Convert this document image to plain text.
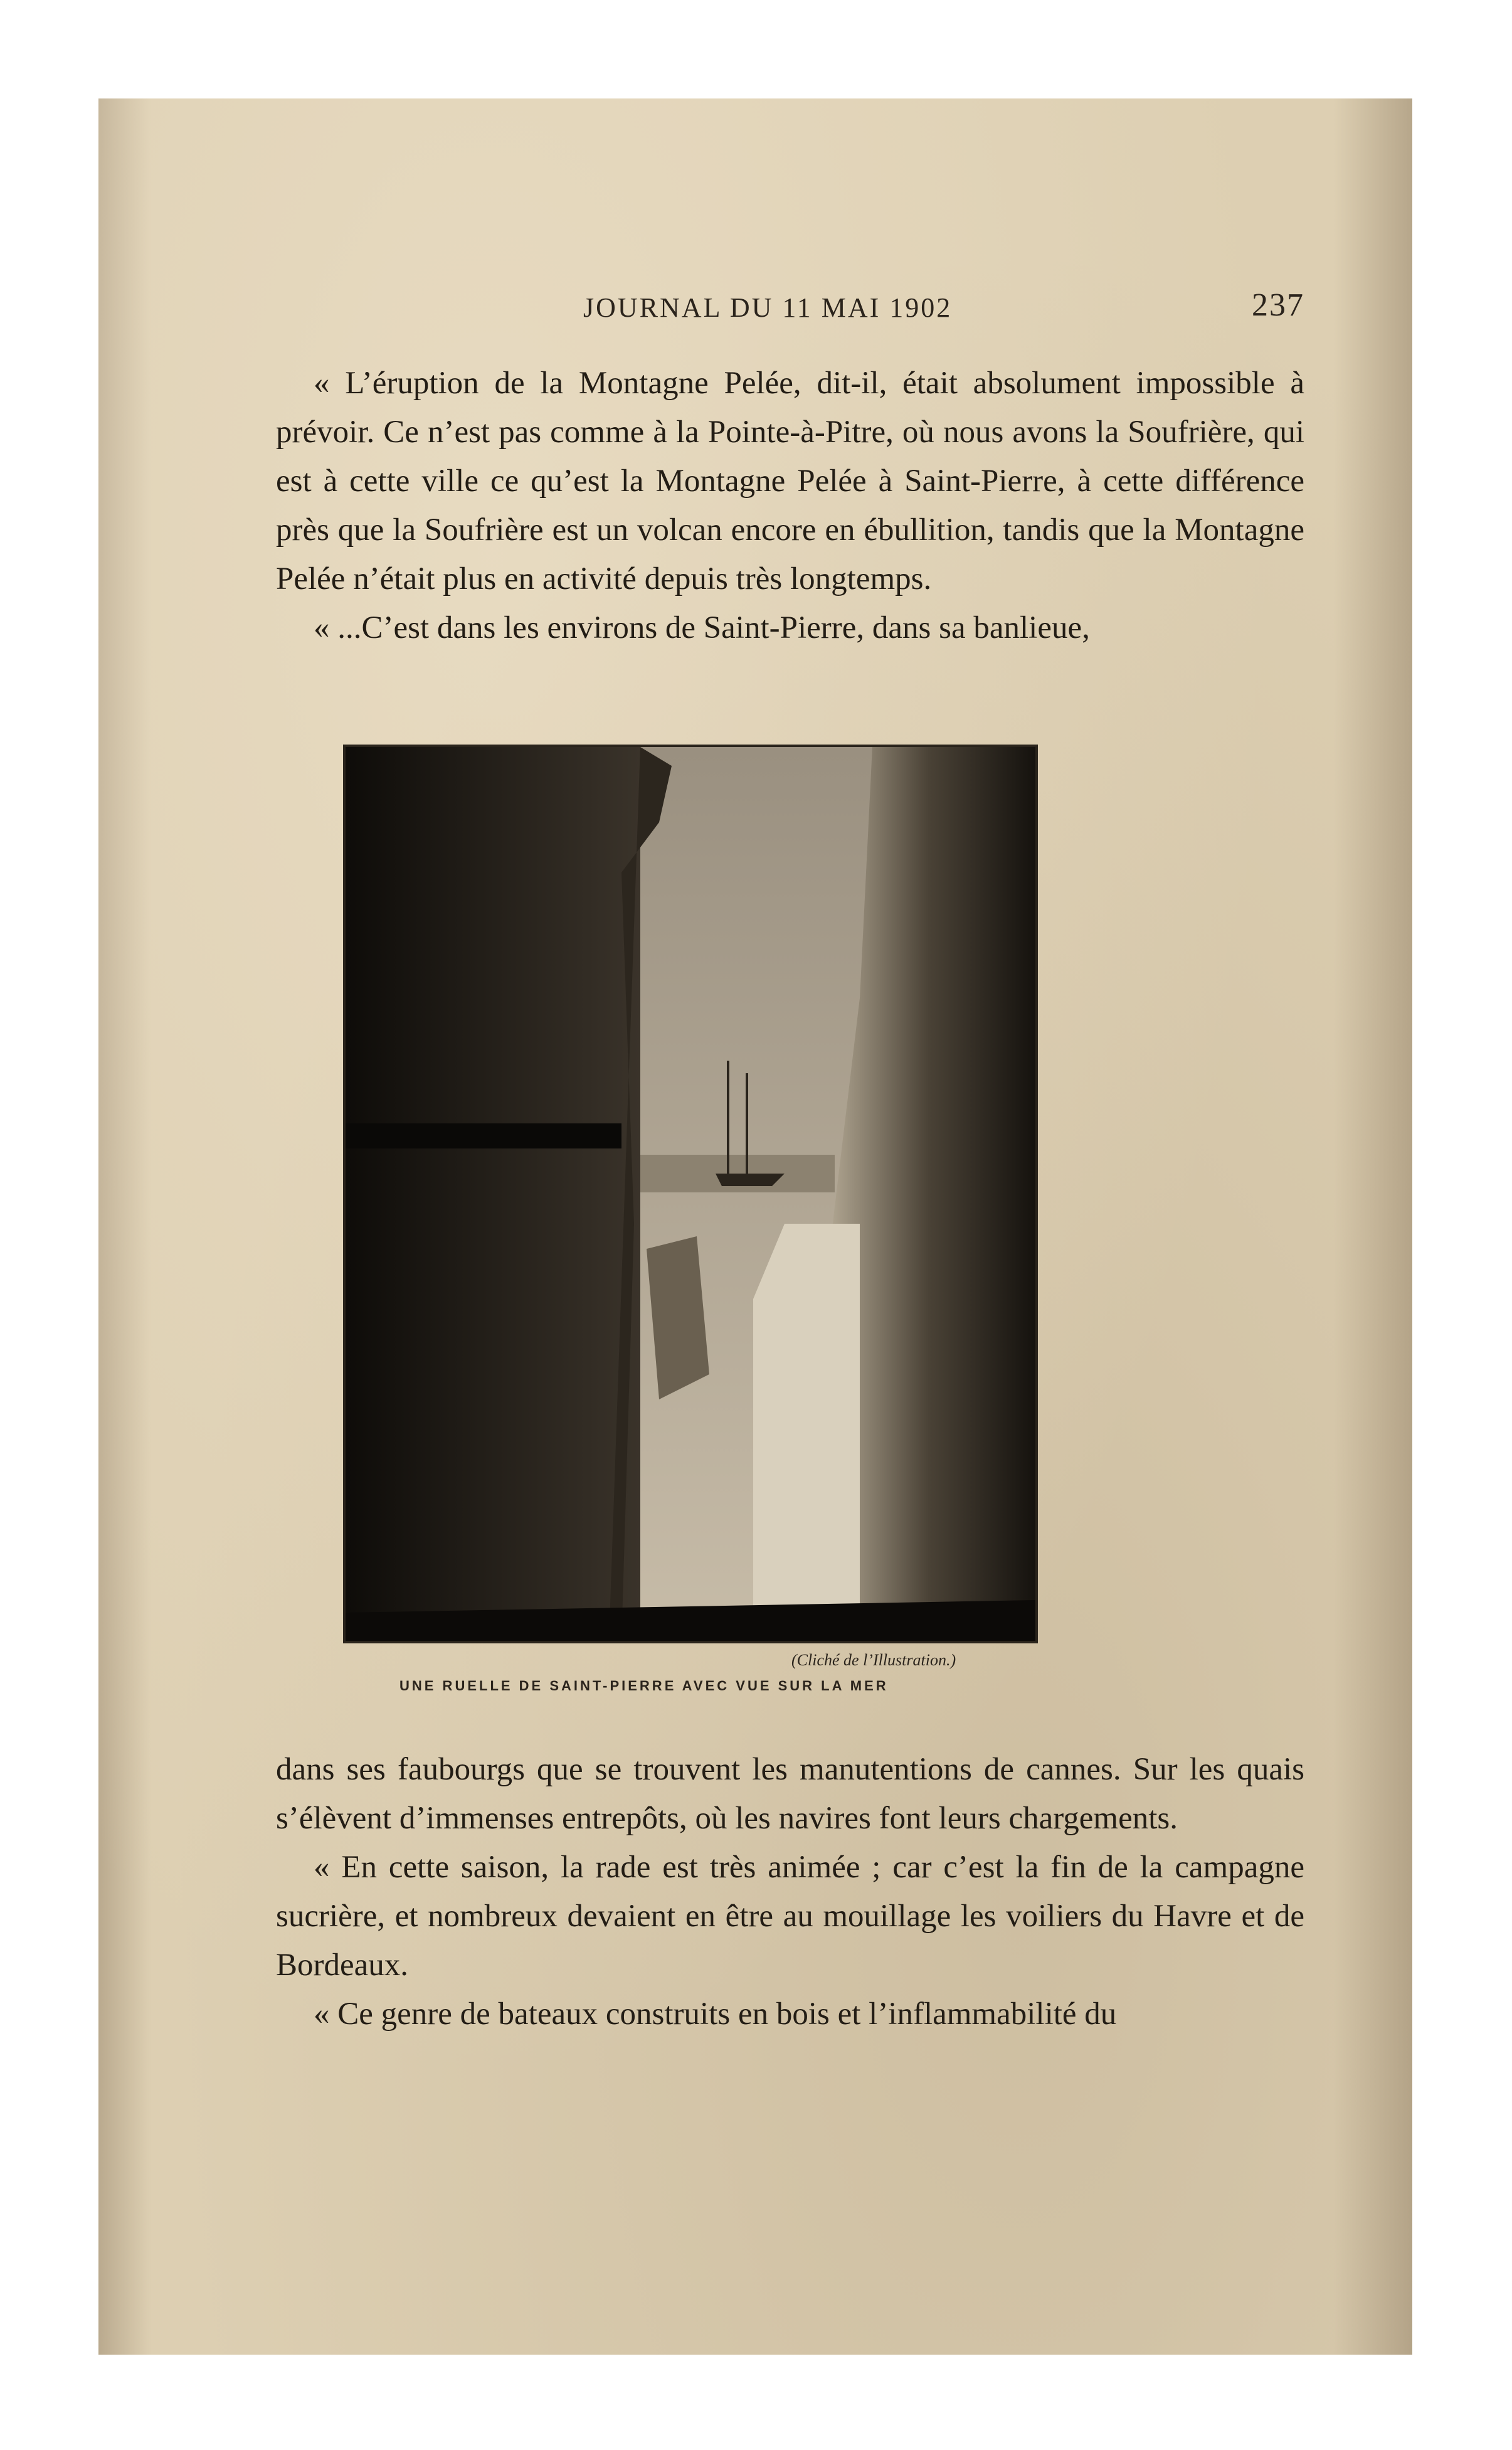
JOURNAL DU 11 MAI 1902	237

« L’éruption de la Montagne Pelée, dit-il, était absolument impossible à prévoir. Ce n’est pas comme à la Pointe-à-Pitre, où nous avons la Soufrière, qui est à cette ville ce qu’est la Montagne Pelée à Saint-Pierre, à cette différence près que la Soufrière est un volcan encore en ébullition, tandis que la Montagne Pelée n’était plus en activité depuis très longtemps.

« ...C’est dans les environs de Saint-Pierre, dans sa banlieue,

(Cliché de l’Illustration.)
UNE RUELLE DE SAINT-PIERRE AVEC VUE SUR LA MER

dans ses faubourgs que se trouvent les manutentions de cannes. Sur les quais s’élèvent d’immenses entrepôts, où les navires font leurs chargements.

« En cette saison, la rade est très animée ; car c’est la fin de la campagne sucrière, et nombreux devaient en être au mouillage les voiliers du Havre et de Bordeaux.

« Ce genre de bateaux construits en bois et l’inflammabilité du
